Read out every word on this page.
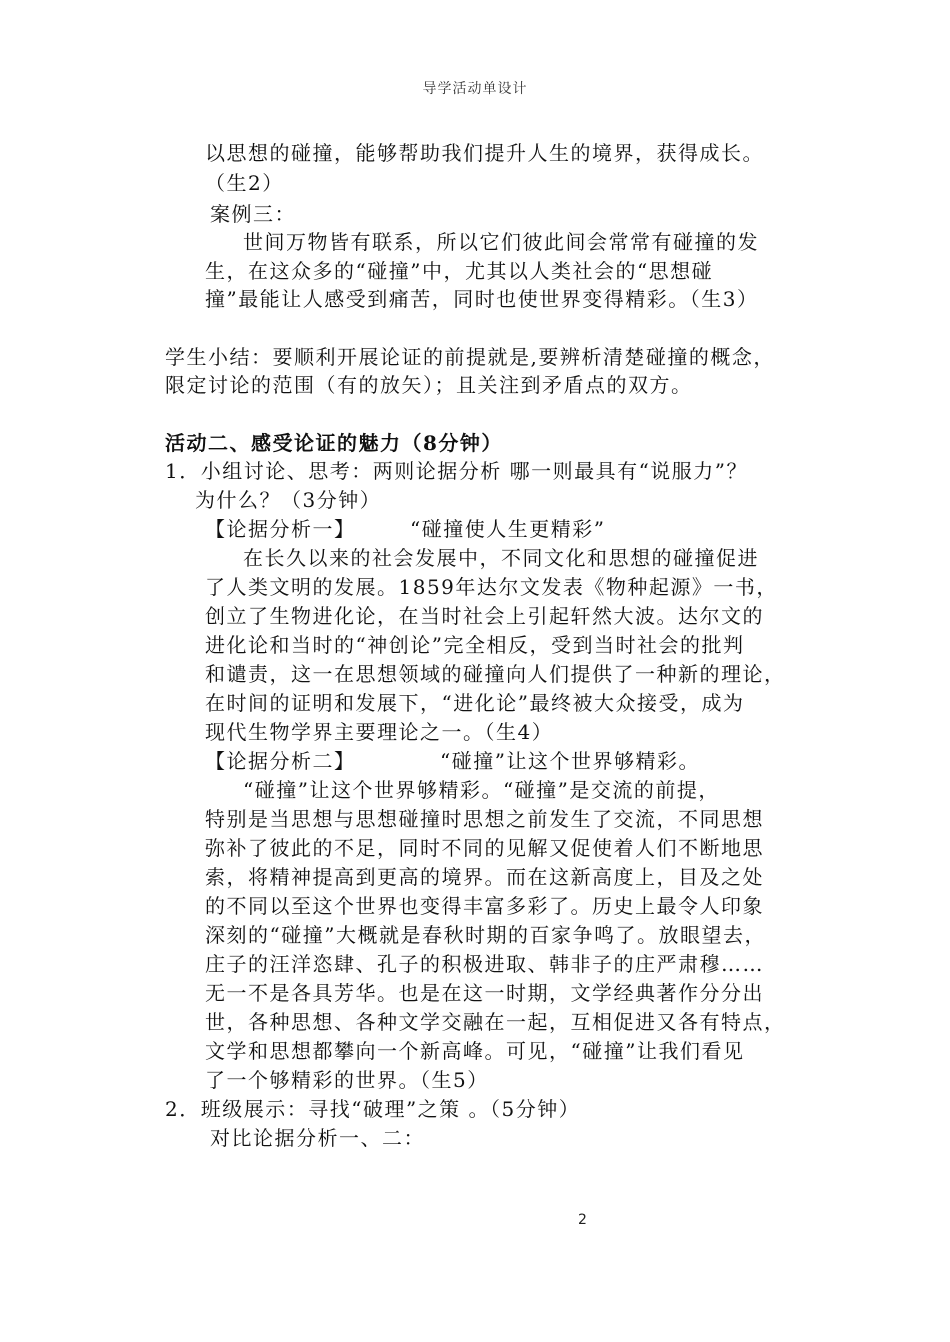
导学活动单设计
以思想的碰撞，能够帮助我们提升人生的境界，获得成长。
（生2）
案例三：
世间万物皆有联系，所以它们彼此间会常常有碰撞的发
生，在这众多的“碰撞”中，尤其以人类社会的“思想碰
撞”最能让人感受到痛苦，同时也使世界变得精彩。（生3）
学生小结：要顺利开展论证的前提就是,要辨析清楚碰撞的概念，
限定讨论的范围（有的放矢）；且关注到矛盾点的双方。
活动二、感受论证的魅力（8分钟）
1．小组讨论、思考：两则论据分析 哪一则最具有“说服力”？
为什么？（3分钟）
【论据分析一】	“碰撞使人生更精彩”
在长久以来的社会发展中，不同文化和思想的碰撞促进
了人类文明的发展。1859年达尔文发表《物种起源》一书，
创立了生物进化论，在当时社会上引起轩然大波。达尔文的
进化论和当时的“神创论”完全相反，受到当时社会的批判
和谴责，这一在思想领域的碰撞向人们提供了一种新的理论，
在时间的证明和发展下，“进化论”最终被大众接受，成为
现代生物学界主要理论之一。（生4）
【论据分析二】	“碰撞”让这个世界够精彩。
“碰撞”让这个世界够精彩。“碰撞”是交流的前提，
特别是当思想与思想碰撞时思想之前发生了交流，不同思想
弥补了彼此的不足，同时不同的见解又促使着人们不断地思
索，将精神提高到更高的境界。而在这新高度上，目及之处
的不同以至这个世界也变得丰富多彩了。历史上最令人印象
深刻的“碰撞”大概就是春秋时期的百家争鸣了。放眼望去，
庄子的汪洋恣肆、孔子的积极进取、韩非子的庄严肃穆……
无一不是各具芳华。也是在这一时期，文学经典著作分分出
世，各种思想、各种文学交融在一起，互相促进又各有特点，
文学和思想都攀向一个新高峰。可见，“碰撞”让我们看见
了一个够精彩的世界。（生5）
2．班级展示：寻找“破理”之策 。（5分钟）
对比论据分析一、二：
2
